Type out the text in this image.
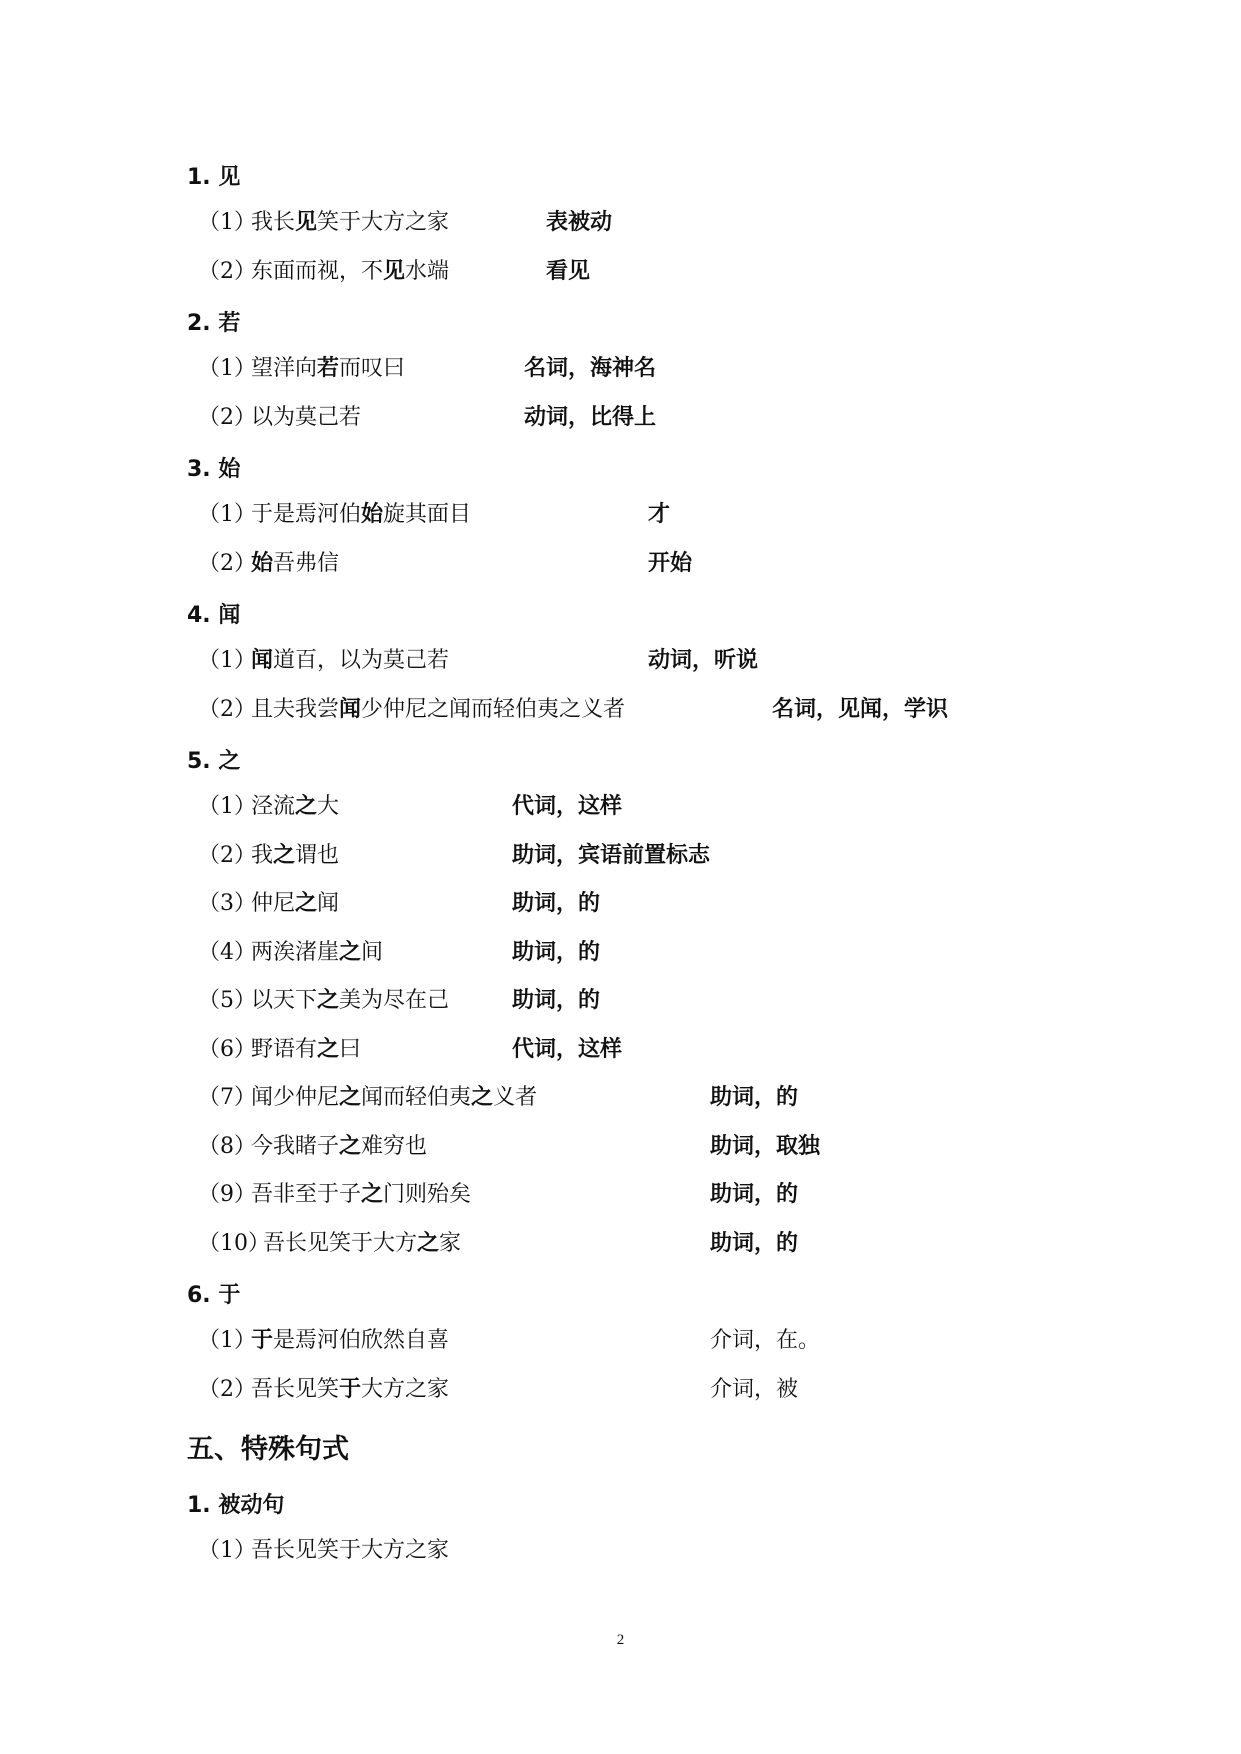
1. 见
（1）
我长见笑于大方之家	表被动
（2）
东面而视，不见水端	看见
2. 若
（1）
望洋向若而叹曰	名词，海神名
（2）
以为莫己若	动词，比得上
3. 始
（1）
于是焉河伯始旋其面目	才
（2）
始吾弗信	开始
4. 闻
（1）
闻道百，以为莫己若	动词，听说
（2）
且夫我尝闻少仲尼之闻而轻伯夷之义者	名词，见闻，学识
5. 之
（1）
泾流之大	代词，这样
（2）
我之谓也	助词，宾语前置标志
（3）
仲尼之闻	助词，的
（4）
两涘渚崖之间	助词，的
（5）
以天下之美为尽在己	助词，的
（6）
野语有之曰	代词，这样
（7）
闻少仲尼之闻而轻伯夷之义者	助词，的
（8）
今我睹子之难穷也	助词，取独
（9）
吾非至于子之门则殆矣	助词，的
（10）
吾长见笑于大方之家	助词，的
6. 于
（1）
于是焉河伯欣然自喜	介词，在。
（2）
吾长见笑于大方之家	介词，被
五、特殊句式
1. 被动句
（1）
吾长见笑于大方之家
2
